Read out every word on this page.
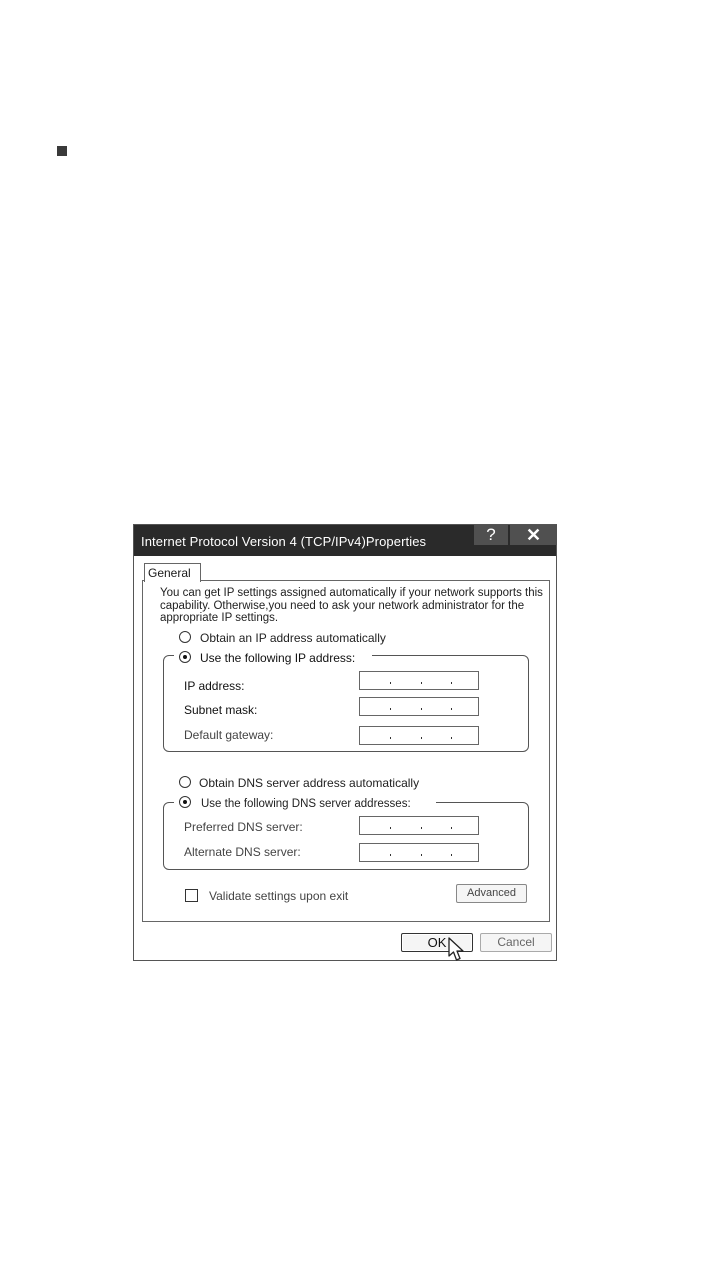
Internet Protocol Version 4 (TCP/IPv4)Properties	?	✕
General
You can get IP settings assigned automatically if your network supports this capability. Otherwise,you need to ask your network administrator for the appropriate IP settings.
Obtain an IP address automatically
Use the following IP address:
IP address:
Subnet mask:
Default gateway:
Obtain DNS server address automatically
Use the following DNS server addresses:
Preferred DNS server:
Alternate DNS server:
Validate settings upon exit	Advanced
OK	Cancel
